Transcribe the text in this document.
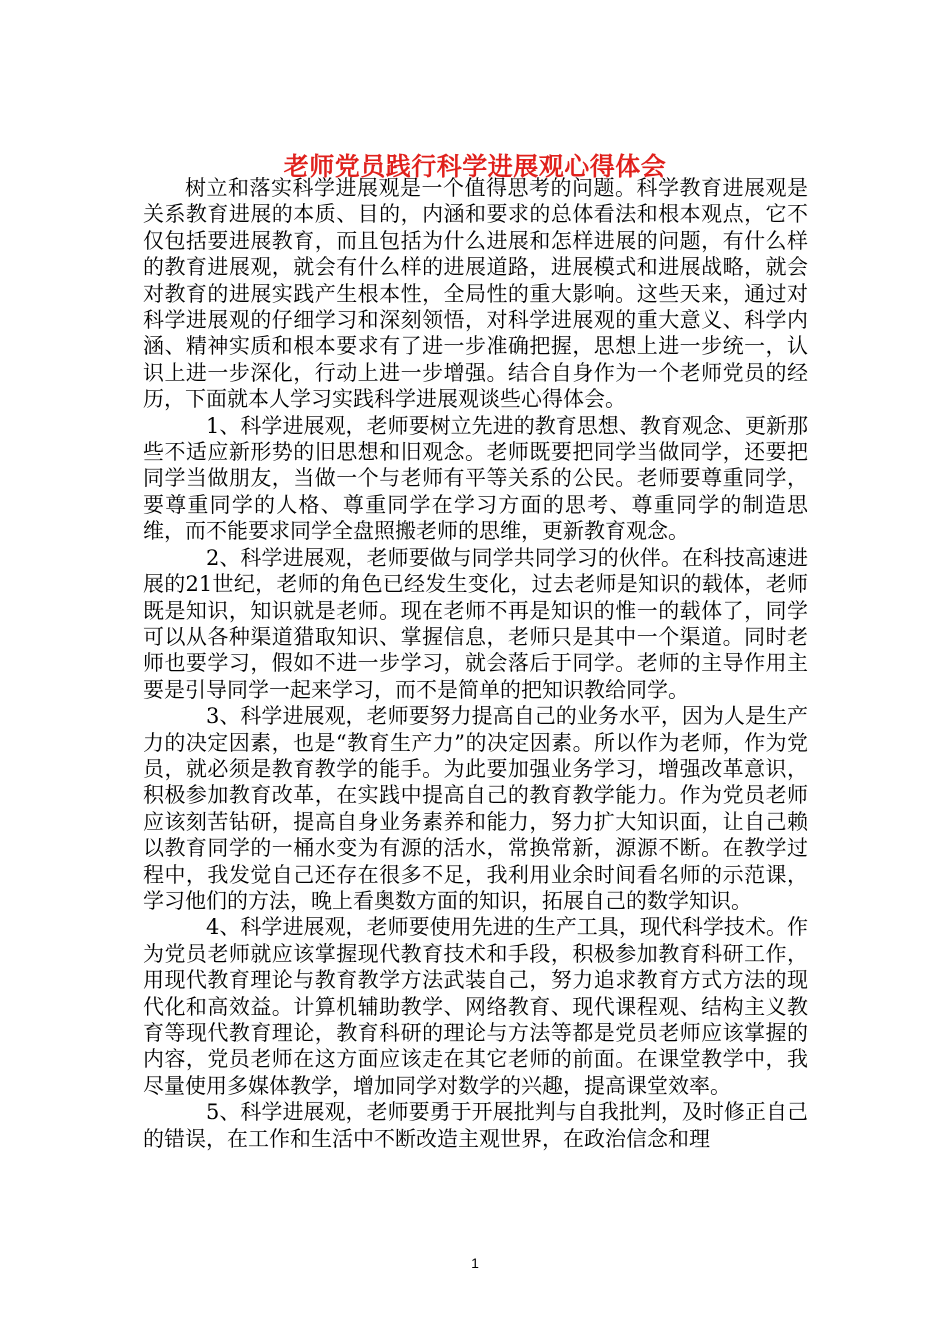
老师党员践行科学进展观心得体会

树立和落实科学进展观是一个值得思考的问题。科学教育进展观是关系教育进展的本质、目的，内涵和要求的总体看法和根本观点，它不仅包括要进展教育，而且包括为什么进展和怎样进展的问题，有什么样的教育进展观，就会有什么样的进展道路，进展模式和进展战略，就会对教育的进展实践产生根本性，全局性的重大影响。这些天来，通过对科学进展观的仔细学习和深刻领悟，对科学进展观的重大意义、科学内涵、精神实质和根本要求有了进一步准确把握，思想上进一步统一，认识上进一步深化，行动上进一步增强。结合自身作为一个老师党员的经历，下面就本人学习实践科学进展观谈些心得体会。

1、科学进展观，老师要树立先进的教育思想、教育观念、更新那些不适应新形势的旧思想和旧观念。老师既要把同学当做同学，还要把同学当做朋友，当做一个与老师有平等关系的公民。老师要尊重同学，要尊重同学的人格、尊重同学在学习方面的思考、尊重同学的制造思维，而不能要求同学全盘照搬老师的思维，更新教育观念。

2、科学进展观，老师要做与同学共同学习的伙伴。在科技高速进展的21世纪，老师的角色已经发生变化，过去老师是知识的载体，老师既是知识，知识就是老师。现在老师不再是知识的惟一的载体了，同学可以从各种渠道猎取知识、掌握信息，老师只是其中一个渠道。同时老师也要学习，假如不进一步学习，就会落后于同学。老师的主导作用主要是引导同学一起来学习，而不是简单的把知识教给同学。

3、科学进展观，老师要努力提高自己的业务水平，因为人是生产力的决定因素，也是“教育生产力”的决定因素。所以作为老师，作为党员，就必须是教育教学的能手。为此要加强业务学习，增强改革意识，积极参加教育改革，在实践中提高自己的教育教学能力。作为党员老师应该刻苦钻研，提高自身业务素养和能力，努力扩大知识面，让自己赖以教育同学的一桶水变为有源的活水，常换常新，源源不断。在教学过程中，我发觉自己还存在很多不足，我利用业余时间看名师的示范课，学习他们的方法，晚上看奥数方面的知识，拓展自己的数学知识。

4、科学进展观，老师要使用先进的生产工具，现代科学技术。作为党员老师就应该掌握现代教育技术和手段，积极参加教育科研工作，用现代教育理论与教育教学方法武装自己，努力追求教育方式方法的现代化和高效益。计算机辅助教学、网络教育、现代课程观、结构主义教育等现代教育理论，教育科研的理论与方法等都是党员老师应该掌握的内容，党员老师在这方面应该走在其它老师的前面。在课堂教学中，我尽量使用多媒体教学，增加同学对数学的兴趣，提高课堂效率。

5、科学进展观，老师要勇于开展批判与自我批判，及时修正自己的错误，在工作和生活中不断改造主观世界，在政治信念和理

1
